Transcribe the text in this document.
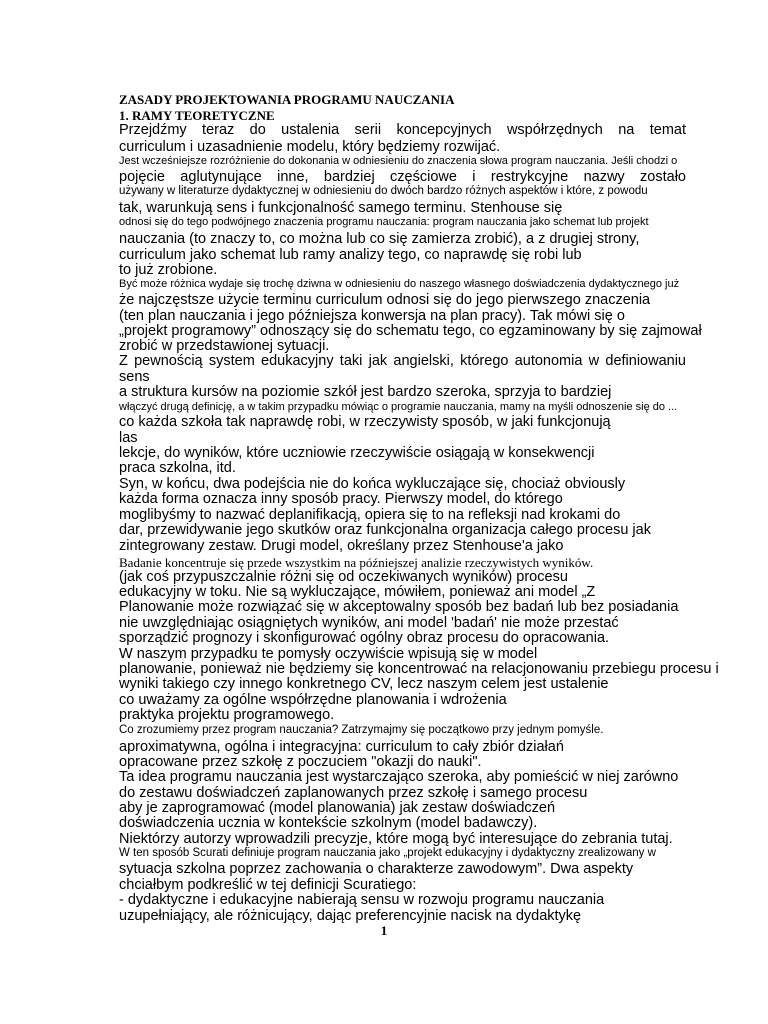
ZASADY PROJEKTOWANIA PROGRAMU NAUCZANIA
1. RAMY TEORETYCZNE
Przejdźmy teraz do ustalenia serii koncepcyjnych współrzędnych na temat
curriculum i uzasadnienie modelu, który będziemy rozwijać.
Jest wcześniejsze rozróżnienie do dokonania w odniesieniu do znaczenia słowa program nauczania. Jeśli chodzi o
pojęcie aglutynujące inne, bardziej częściowe i restrykcyjne nazwy zostało
używany w literaturze dydaktycznej w odniesieniu do dwóch bardzo różnych aspektów i które, z powodu
tak, warunkują sens i funkcjonalność samego terminu. Stenhouse się
odnosi się do tego podwójnego znaczenia programu nauczania: program nauczania jako schemat lub projekt
nauczania (to znaczy to, co można lub co się zamierza zrobić), a z drugiej strony,
curriculum jako schemat lub ramy analizy tego, co naprawdę się robi lub
to już zrobione.
Być może różnica wydaje się trochę dziwna w odniesieniu do naszego własnego doświadczenia dydaktycznego już
że najczęstsze użycie terminu curriculum odnosi się do jego pierwszego znaczenia
(ten plan nauczania i jego późniejsza konwersja na plan pracy). Tak mówi się o
„projekt programowy” odnoszący się do schematu tego, co egzaminowany by się zajmował
zrobić w przedstawionej sytuacji.
Z pewnością system edukacyjny taki jak angielski, którego autonomia w definiowaniu
sens
a struktura kursów na poziomie szkół jest bardzo szeroka, sprzyja to bardziej
włączyć drugą definicję, a w takim przypadku mówiąc o programie nauczania, mamy na myśli odnoszenie się do ...
co każda szkoła tak naprawdę robi, w rzeczywisty sposób, w jaki funkcjonują
las
lekcje, do wyników, które uczniowie rzeczywiście osiągają w konsekwencji
praca szkolna, itd.
Syn, w końcu, dwa podejścia nie do końca wykluczające się, chociaż obviously
każda forma oznacza inny sposób pracy. Pierwszy model, do którego
moglibyśmy to nazwać deplanifikacją, opiera się to na refleksji nad krokami do
dar, przewidywanie jego skutków oraz funkcjonalna organizacja całego procesu jak
zintegrowany zestaw. Drugi model, określany przez Stenhouse'a jako
Badanie koncentruje się przede wszystkim na późniejszej analizie rzeczywistych wyników.
(jak coś przypuszczalnie różni się od oczekiwanych wyników) procesu
edukacyjny w toku. Nie są wykluczające, mówiłem, ponieważ ani model „Z
Planowanie może rozwiązać się w akceptowalny sposób bez badań lub bez posiadania
nie uwzględniając osiągniętych wyników, ani model 'badań' nie może przestać
sporządzić prognozy i skonfigurować ogólny obraz procesu do opracowania.
W naszym przypadku te pomysły oczywiście wpisują się w model
planowanie, ponieważ nie będziemy się koncentrować na relacjonowaniu przebiegu procesu i
wyniki takiego czy innego konkretnego CV, lecz naszym celem jest ustalenie
co uważamy za ogólne współrzędne planowania i wdrożenia
praktyka projektu programowego.
Co zrozumiemy przez program nauczania? Zatrzymajmy się początkowo przy jednym pomyśle.
aproximatywna, ogólna i integracyjna: curriculum to cały zbiór działań
opracowane przez szkołę z poczuciem "okazji do nauki".
Ta idea programu nauczania jest wystarczająco szeroka, aby pomieścić w niej zarówno
do zestawu doświadczeń zaplanowanych przez szkołę i samego procesu
aby je zaprogramować (model planowania) jak zestaw doświadczeń
doświadczenia ucznia w kontekście szkolnym (model badawczy).
Niektórzy autorzy wprowadzili precyzje, które mogą być interesujące do zebrania tutaj.
W ten sposób Scurati definiuje program nauczania jako „projekt edukacyjny i dydaktyczny zrealizowany w
sytuacja szkolna poprzez zachowania o charakterze zawodowym”. Dwa aspekty
chciałbym podkreślić w tej definicji Scuratiego:
- dydaktyczne i edukacyjne nabierają sensu w rozwoju programu nauczania
uzupełniający, ale różnicujący, dając preferencyjnie nacisk na dydaktykę
1
